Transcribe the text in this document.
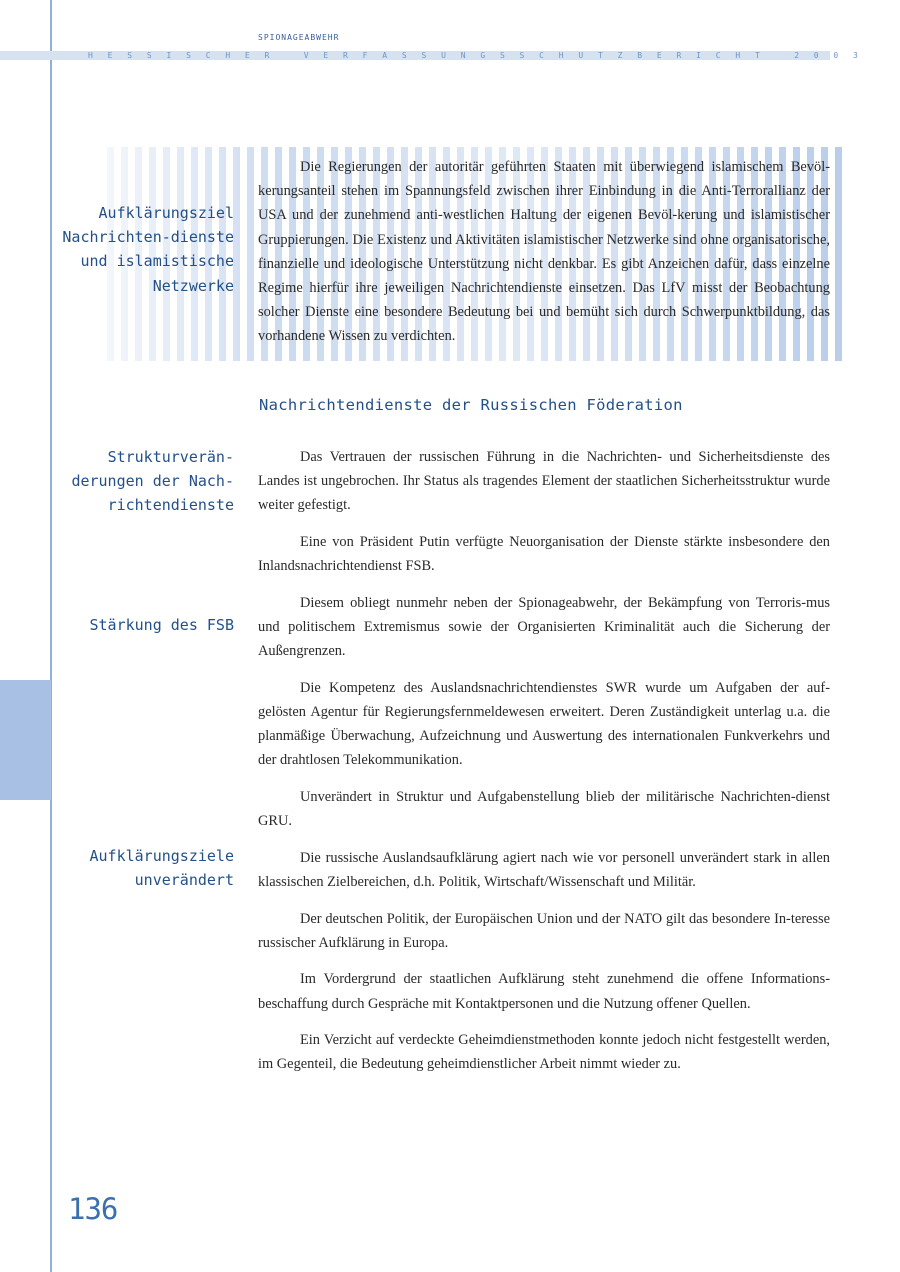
SPIONAGEABWEHR

HESSISCHER VERFASSUNGSSCHUTZBERICHT 2003

Die Regierungen der autoritär geführten Staaten mit überwiegend islamischem Bevöl-kerungsanteil stehen im Spannungsfeld zwischen ihrer Einbindung in die Anti-Terrorallianz der USA und der zunehmend anti-westlichen Haltung der eigenen Bevöl-kerung und islamistischer Gruppierungen. Die Existenz und Aktivitäten islamistischer Netzwerke sind ohne organisatorische, finanzielle und ideologische Unterstützung nicht denkbar. Es gibt Anzeichen dafür, dass einzelne Regime hierfür ihre jeweiligen Nachrichtendienste einsetzen. Das LfV misst der Beobachtung solcher Dienste eine besondere Bedeutung bei und bemüht sich durch Schwerpunktbildung, das vorhandene Wissen zu verdichten.

Aufklärungsziel Nachrichten-dienste und islamistische Netzwerke

Nachrichtendienste der Russischen Föderation

Strukturverän-derungen der Nach-richtendienste

Stärkung des FSB

Aufklärungsziele unverändert

Das Vertrauen der russischen Führung in die Nachrichten- und Sicherheitsdienste des Landes ist ungebrochen. Ihr Status als tragendes Element der staatlichen Sicherheitsstruktur wurde weiter gefestigt.

Eine von Präsident Putin verfügte Neuorganisation der Dienste stärkte insbesondere den Inlandsnachrichtendienst FSB.

Diesem obliegt nunmehr neben der Spionageabwehr, der Bekämpfung von Terroris-mus und politischem Extremismus sowie der Organisierten Kriminalität auch die Sicherung der Außengrenzen.

Die Kompetenz des Auslandsnachrichtendienstes SWR wurde um Aufgaben der auf-gelösten Agentur für Regierungsfernmeldewesen erweitert. Deren Zuständigkeit unterlag u.a. die planmäßige Überwachung, Aufzeichnung und Auswertung des internationalen Funkverkehrs und der drahtlosen Telekommunikation.

Unverändert in Struktur und Aufgabenstellung blieb der militärische Nachrichten-dienst GRU.

Die russische Auslandsaufklärung agiert nach wie vor personell unverändert stark in allen klassischen Zielbereichen, d.h. Politik, Wirtschaft/Wissenschaft und Militär.

Der deutschen Politik, der Europäischen Union und der NATO gilt das besondere In-teresse russischer Aufklärung in Europa.

Im Vordergrund der staatlichen Aufklärung steht zunehmend die offene Informations-beschaffung durch Gespräche mit Kontaktpersonen und die Nutzung offener Quellen.

Ein Verzicht auf verdeckte Geheimdienstmethoden konnte jedoch nicht festgestellt werden, im Gegenteil, die Bedeutung geheimdienstlicher Arbeit nimmt wieder zu.

136
